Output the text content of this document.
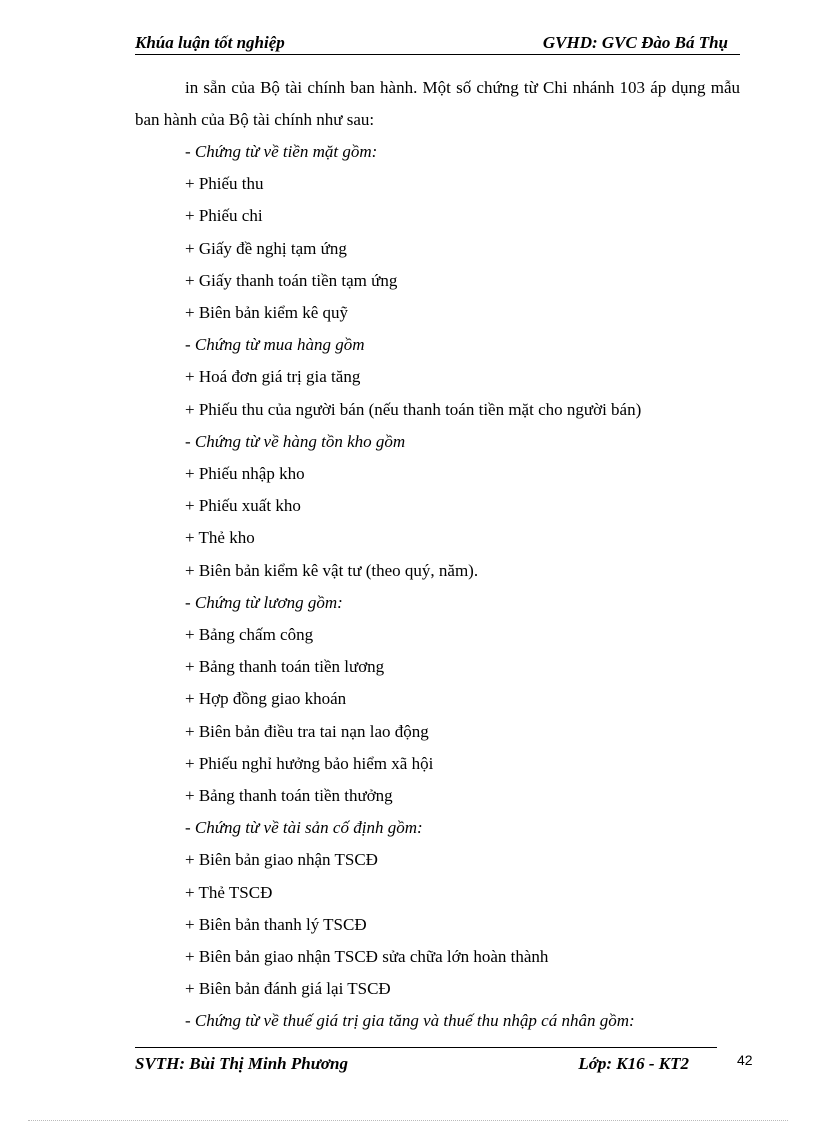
Khúa luận tốt nghiệp	GVHD: GVC Đào Bá Thụ

in sẵn của Bộ tài chính ban hành. Một số chứng từ Chi nhánh 103 áp dụng mẫu ban hành của Bộ tài chính như sau:

- Chứng từ về tiền mặt gồm:

+ Phiếu thu

+ Phiếu chi

+ Giấy đề nghị tạm ứng

+ Giấy thanh toán tiền tạm ứng

+ Biên bản kiểm kê quỹ

- Chứng từ mua hàng gồm

+ Hoá đơn giá trị gia tăng

+ Phiếu thu của người bán (nếu thanh toán tiền mặt cho người bán)

- Chứng từ về hàng tồn kho gồm

+ Phiếu nhập kho

+ Phiếu xuất kho

+ Thẻ kho

+ Biên bản kiểm kê vật tư (theo quý, năm).

- Chứng từ lương gồm:

+ Bảng chấm công

+ Bảng thanh toán tiền lương

+ Hợp đồng giao khoán

+ Biên bản điều tra tai nạn lao động

+ Phiếu nghỉ hưởng bảo hiểm xã hội

+ Bảng thanh toán tiền thưởng

- Chứng từ về tài sản cố định gồm:

+ Biên bản giao nhận TSCĐ

+ Thẻ TSCĐ

+ Biên bản thanh lý TSCĐ

+ Biên bản giao nhận TSCĐ sửa chữa lớn hoàn thành

+ Biên bản đánh giá lại TSCĐ

- Chứng từ về thuế giá trị gia tăng và thuế thu nhập cá nhân gồm:

SVTH: Bùi Thị Minh Phương	Lớp: K16 - KT2	42
